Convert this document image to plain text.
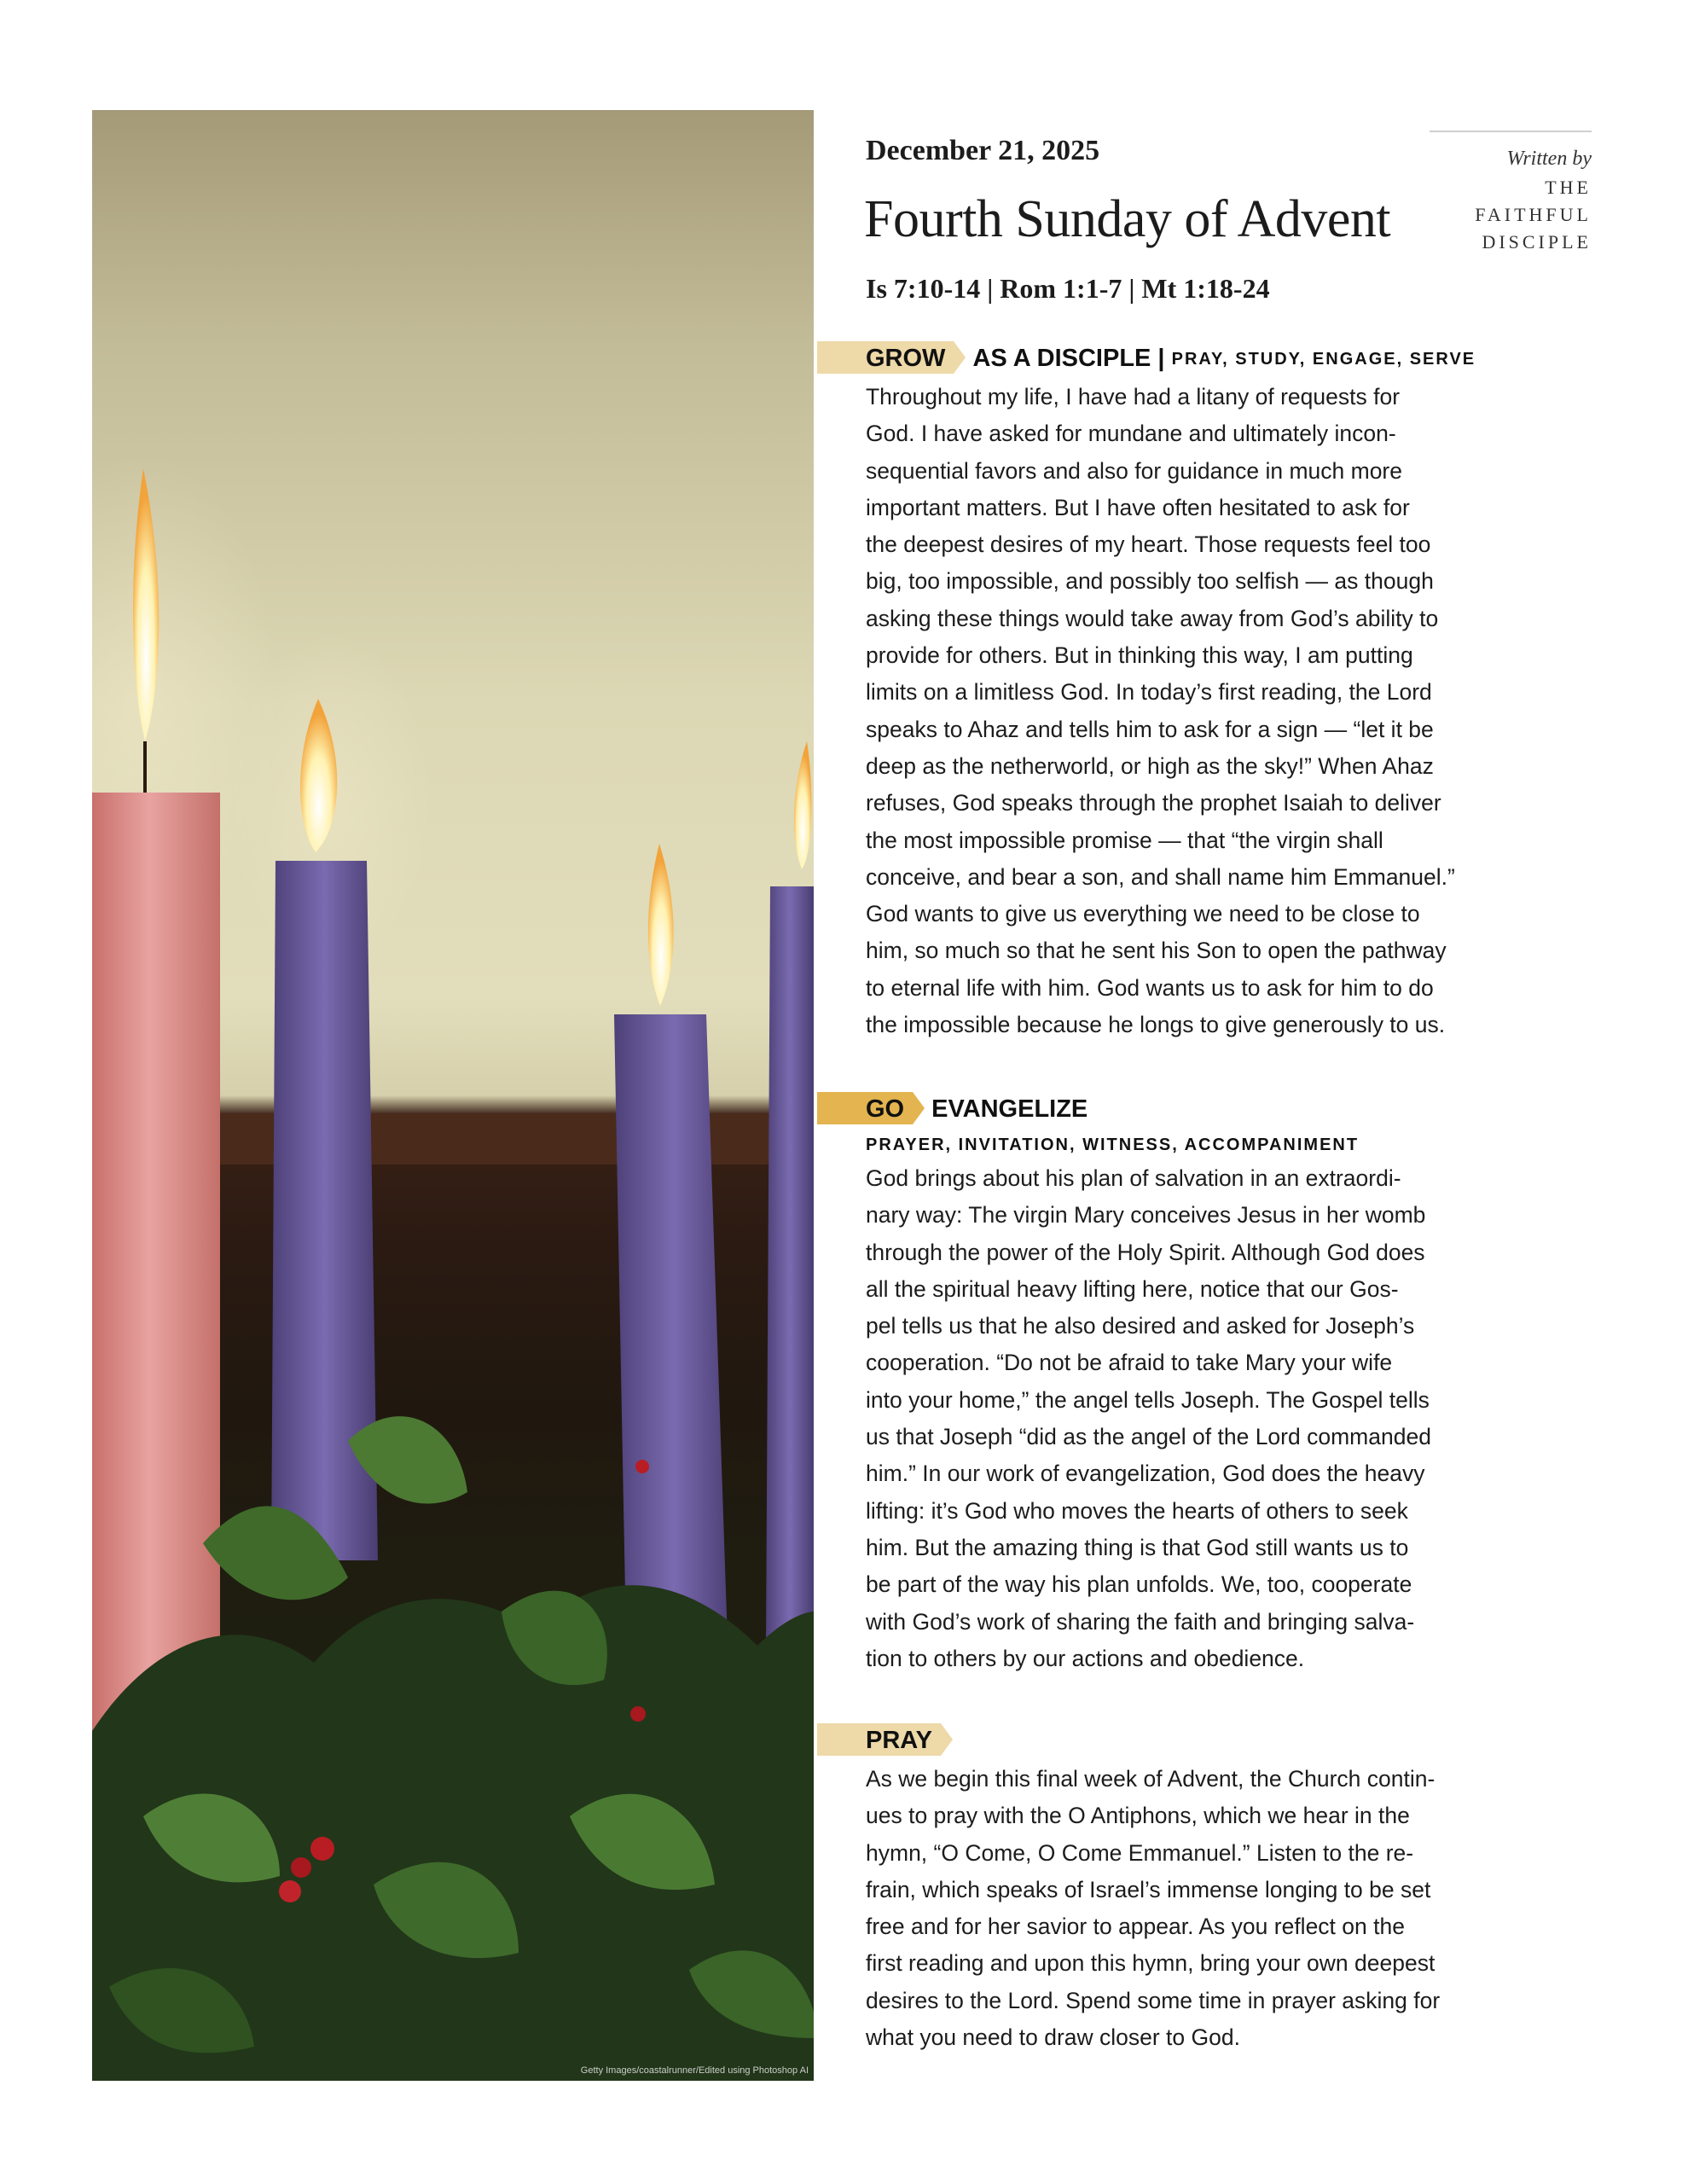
Getty Images/coastalrunner/Edited using Photoshop AI
December 21, 2025
Fourth Sunday of Advent
Is 7:10-14 | Rom 1:1-7 | Mt 1:18-24
Written by
THE
FAITHFUL
DISCIPLE
GROW AS A DISCIPLE | $^{PRAY, STUDY, ENGAGE, SERVE}$
Throughout my life, I have had a litany of requests for
God. I have asked for mundane and ultimately incon-
sequential favors and also for guidance in much more
important matters. But I have often hesitated to ask for
the deepest desires of my heart. Those requests feel too
big, too impossible, and possibly too selfish — as though
asking these things would take away from God’s ability to
provide for others. But in thinking this way, I am putting
limits on a limitless God. In today’s first reading, the Lord
speaks to Ahaz and tells him to ask for a sign — “let it be
deep as the netherworld, or high as the sky!” When Ahaz
refuses, God speaks through the prophet Isaiah to deliver
the most impossible promise — that “the virgin shall
conceive, and bear a son, and shall name him Emmanuel.”
God wants to give us everything we need to be close to
him, so much so that he sent his Son to open the pathway
to eternal life with him. God wants us to ask for him to do
the impossible because he longs to give generously to us.
GO EVANGELIZE
PRAYER, INVITATION, WITNESS, ACCOMPANIMENT
God brings about his plan of salvation in an extraordi-
nary way: The virgin Mary conceives Jesus in her womb
through the power of the Holy Spirit. Although God does
all the spiritual heavy lifting here, notice that our Gos-
pel tells us that he also desired and asked for Joseph’s
cooperation. “Do not be afraid to take Mary your wife
into your home,” the angel tells Joseph. The Gospel tells
us that Joseph “did as the angel of the Lord commanded
him.” In our work of evangelization, God does the heavy
lifting: it’s God who moves the hearts of others to seek
him. But the amazing thing is that God still wants us to
be part of the way his plan unfolds. We, too, cooperate
with God’s work of sharing the faith and bringing salva-
tion to others by our actions and obedience.
PRAY
As we begin this final week of Advent, the Church contin-
ues to pray with the O Antiphons, which we hear in the
hymn, “O Come, O Come Emmanuel.” Listen to the re-
frain, which speaks of Israel’s immense longing to be set
free and for her savior to appear. As you reflect on the
first reading and upon this hymn, bring your own deepest
desires to the Lord. Spend some time in prayer asking for
what you need to draw closer to God.
